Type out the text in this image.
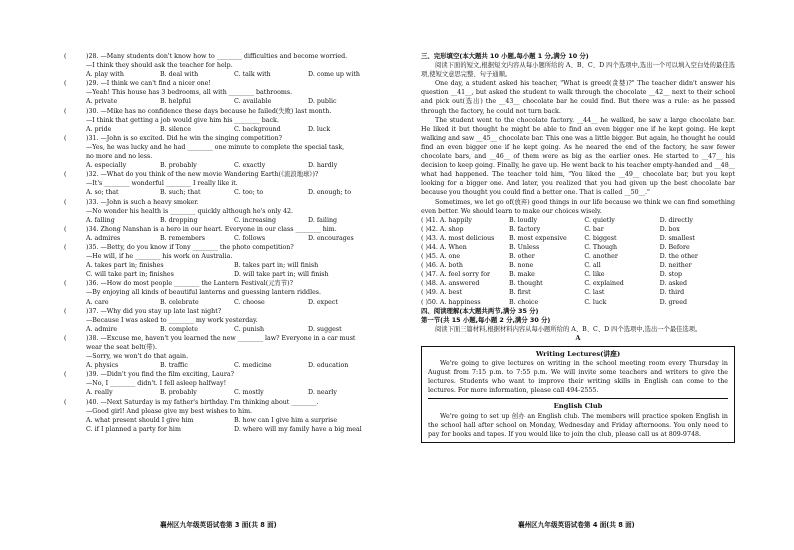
(	)28. —Many students don't know how to ________ difficulties and become worried.
—I think they should ask the teacher for help.
A. play with	B. deal with	C. talk with	D. come up with
(	)29. —I think we can't find a nicer one!
—Yeah! This house has 3 bedrooms, all with ________ bathrooms.
A. private	B. helpful	C. available	D. public
(	)30. —Mike has no confidence these days because he failed(失败) last month.
—I think that getting a job would give him his ________ back.
A. pride	B. silence	C. background	D. luck
(	)31. —John is so excited. Did he win the singing competition?
—Yes, he was lucky and he had ________ one minute to complete the special task,
no more and no less.
A. especially	B. probably	C. exactly	D. hardly
(	)32. —What do you think of the new movie Wandering Earth(《流浪地球》)?
—It's ________ wonderful ________ I really like it.
A. so; that	B. such; that	C. too; to	D. enough; to
(	)33. —John is such a heavy smoker.
—No wonder his health is ________ quickly although he's only 42.
A. falling	B. dropping	C. increasing	D. failing
(	)34. Zhong Nanshan is a hero in our heart. Everyone in our class ________ him.
A. admires	B. remembers	C. follows	D. encourages
(	)35. —Betty, do you know if Tony ________ the photo competition?
—He will, if he ________ his work on Australia.
A. takes part in; finishes	B. takes part in; will finish
C. will take part in; finishes	D. will take part in; will finish
(	)36. —How do most people ________ the Lantern Festival(元宵节)?
—By enjoying all kinds of beautiful lanterns and guessing lantern riddles.
A. care	B. celebrate	C. choose	D. expect
(	)37. —Why did you stay up late last night?
—Because I was asked to ________ my work yesterday.
A. admire	B. complete	C. punish	D. suggest
(	)38. —Excuse me, haven't you learned the new ________ law? Everyone in a car must
wear the seat belt(带).
—Sorry, we won't do that again.
A. physics	B. traffic	C. medicine	D. education
(	)39. —Didn't you find the film exciting, Laura?
—No, I ________ didn't. I fell asleep halfway!
A. really	B. probably	C. mostly	D. nearly
(	)40. —Next Saturday is my father's birthday. I'm thinking about ________.
—Good girl! And please give my best wishes to him.
A. what present should I give him	B. how can I give him a surprise
C. if I planned a party for him	D. where will my family have a big meal
三、完形填空(本大题共 10 小题,每小题 1 分,满分 10 分)
阅读下面的短文,根据短文内容从每小题所给的 A、B、C、D 四个选项中,选出一个可以填入空白处的最佳选项,使短文意思完整、句子通顺。
One day, a student asked his teacher, "What is greed(贪婪)?" The teacher didn't answer his question __41__, but asked the student to walk through the chocolate __42__ next to their school and pick out(选出) the __43__ chocolate bar he could find. But there was a rule: as he passed through the factory, he could not turn back.
The student went to the chocolate factory. __44__ he walked, he saw a large chocolate bar. He liked it but thought he might be able to find an even bigger one if he kept going. He kept walking and saw __45__ chocolate bar. This one was a little bigger. But again, he thought he could find an even bigger one if he kept going. As he neared the end of the factory, he saw fewer chocolate bars, and __46__ of them were as big as the earlier ones. He started to __47__ his decision to keep going. Finally, he gave up. He went back to his teacher empty-handed and __48__ what had happened. The teacher told him, "You liked the __49__ chocolate bar, but you kept looking for a bigger one. And later, you realized that you had given up the best chocolate bar because you thought you could find a better one. That is called __50__."
Sometimes, we let go of(放弃) good things in our life because we think we can find something even better. We should learn to make our choices wisely.
( )41. A. happily	B. loudly	C. quietly	D. directly
( )42. A. shop	B. factory	C. bar	D. box
( )43. A. most delicious	B. most expensive	C. biggest	D. smallest
( )44. A. When	B. Unless	C. Though	D. Before
( )45. A. one	B. other	C. another	D. the other
( )46. A. both	B. none	C. all	D. neither
( )47. A. feel sorry for	B. make	C. like	D. stop
( )48. A. answered	B. thought	C. explained	D. asked
( )49. A. best	B. first	C. last	D. third
( )50. A. happiness	B. choice	C. luck	D. greed
四、阅读理解(本大题共两节,满分 35 分)
第一节(共 15 小题,每小题 2 分,满分 30 分)
阅读下面三篇材料,根据材料内容从每小题所给的 A、B、C、D 四个选项中,选出一个最佳选项。
A
Writing Lectures(讲座)

We're going to give lectures on writing in the school meeting room every Thursday in August from 7:15 p.m. to 7:55 p.m. We will invite some teachers and writers to give the lectures. Students who want to improve their writing skills in English can come to the lectures. For more information, please call 494-2555.

English Club

We're going to set up 创办 an English club. The members will practice spoken English in the school hall after school on Monday, Wednesday and Friday afternoons. You only need to pay for books and tapes. If you would like to join the club, please call us at 809-9748.

襄州区九年级英语试卷第 3 面(共 8 面)	襄州区九年级英语试卷第 4 面(共 8 面)
